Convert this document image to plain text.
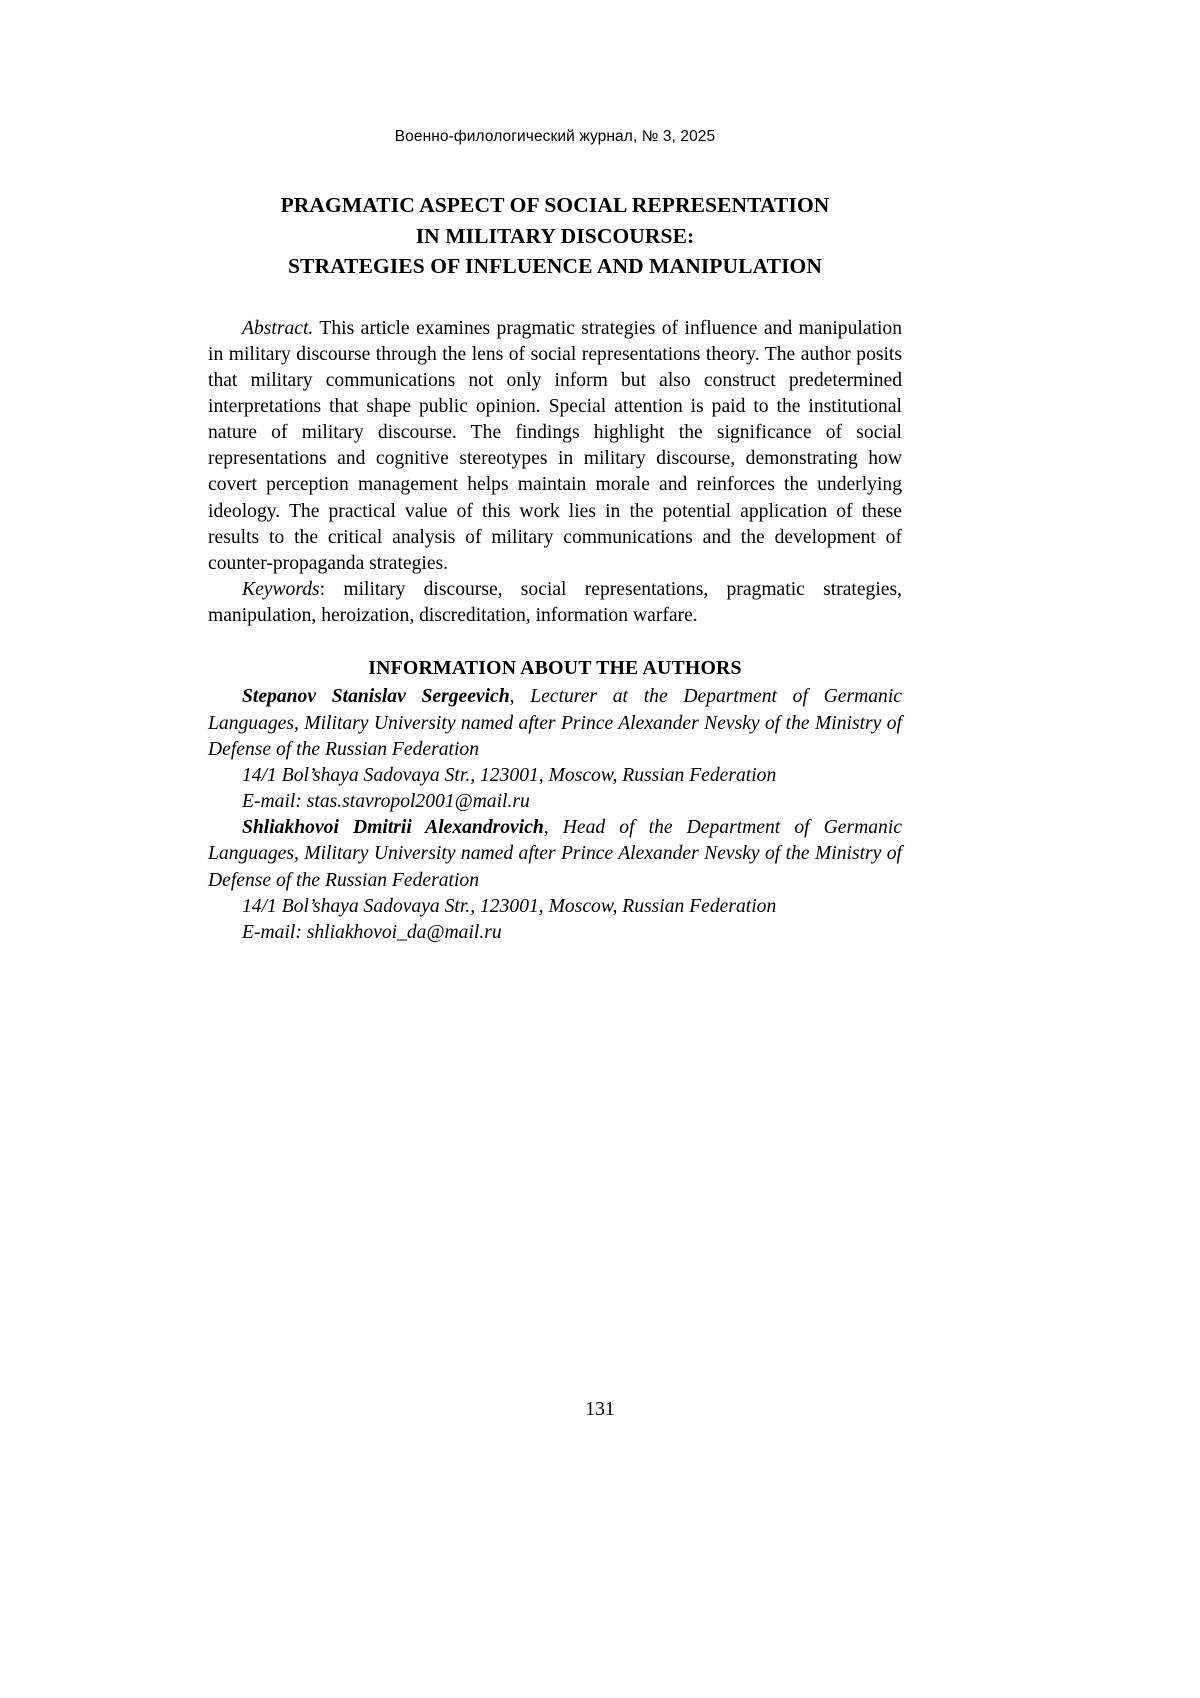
Военно-филологический журнал, № 3, 2025
PRAGMATIC ASPECT OF SOCIAL REPRESENTATION
IN MILITARY DISCOURSE:
STRATEGIES OF INFLUENCE AND MANIPULATION

Abstract. This article examines pragmatic strategies of influence and manipulation in military discourse through the lens of social representations theory. The author posits that military communications not only inform but also construct predetermined interpretations that shape public opinion. Special attention is paid to the institutional nature of military discourse. The findings highlight the significance of social representations and cognitive stereotypes in military discourse, demonstrating how covert perception management helps maintain morale and reinforces the underlying ideology. The practical value of this work lies in the potential application of these results to the critical analysis of military communications and the development of counter-propaganda strategies.

Keywords: military discourse, social representations, pragmatic strategies, manipulation, heroization, discreditation, information warfare.

INFORMATION ABOUT THE AUTHORS

Stepanov Stanislav Sergeevich, Lecturer at the Department of Germanic Languages, Military University named after Prince Alexander Nevsky of the Ministry of Defense of the Russian Federation

14/1 Bol’shaya Sadovaya Str., 123001, Moscow, Russian Federation
E-mail: stas.stavropol2001@mail.ru

Shliakhovoi Dmitrii Alexandrovich, Head of the Department of Germanic Languages, Military University named after Prince Alexander Nevsky of the Ministry of Defense of the Russian Federation

14/1 Bol’shaya Sadovaya Str., 123001, Moscow, Russian Federation
E-mail: shliakhovoi_da@mail.ru
131
